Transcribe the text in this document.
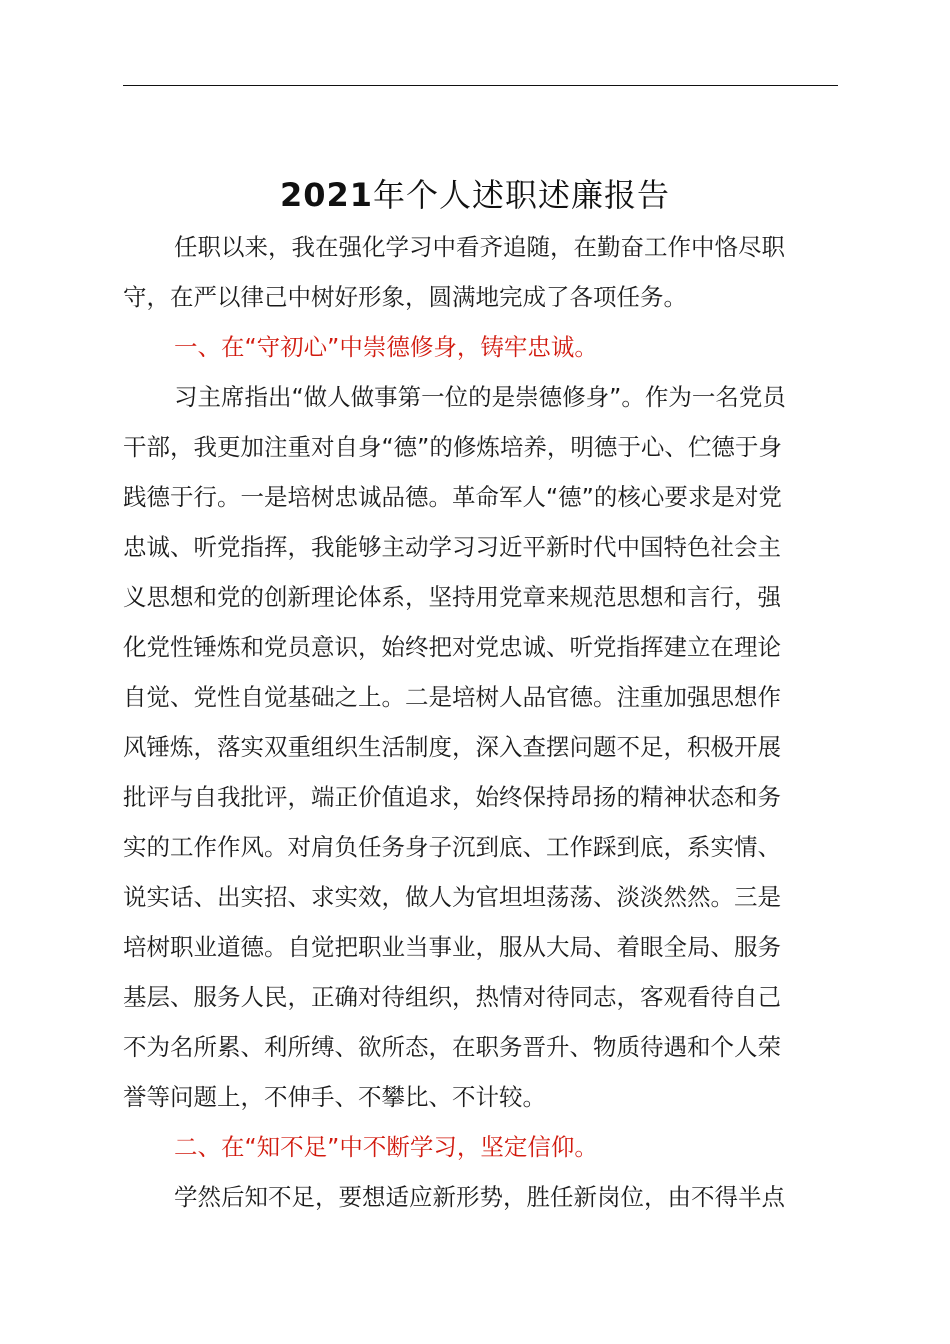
2021年个人述职述廉报告
任职以来，我在强化学习中看齐追随，在勤奋工作中恪尽职
守，在严以律己中树好形象，圆满地完成了各项任务。
一、在“守初心”中崇德修身，铸牢忠诚。
习主席指出“做人做事第一位的是崇德修身”。作为一名党员
干部，我更加注重对自身“德”的修炼培养，明德于心、伫德于身
践德于行。一是培树忠诚品德。革命军人“德”的核心要求是对党
忠诚、听党指挥，我能够主动学习习近平新时代中国特色社会主
义思想和党的创新理论体系，坚持用党章来规范思想和言行，强
化党性锤炼和党员意识，始终把对党忠诚、听党指挥建立在理论
自觉、党性自觉基础之上。二是培树人品官德。注重加强思想作
风锤炼，落实双重组织生活制度，深入查摆问题不足，积极开展
批评与自我批评，端正价值追求，始终保持昂扬的精神状态和务
实的工作作风。对肩负任务身子沉到底、工作踩到底，系实情、
说实话、出实招、求实效，做人为官坦坦荡荡、淡淡然然。三是
培树职业道德。自觉把职业当事业，服从大局、着眼全局、服务
基层、服务人民，正确对待组织，热情对待同志，客观看待自己
不为名所累、利所缚、欲所态，在职务晋升、物质待遇和个人荣
誉等问题上，不伸手、不攀比、不计较。
二、在“知不足”中不断学习，坚定信仰。
学然后知不足，要想适应新形势，胜任新岗位，由不得半点
